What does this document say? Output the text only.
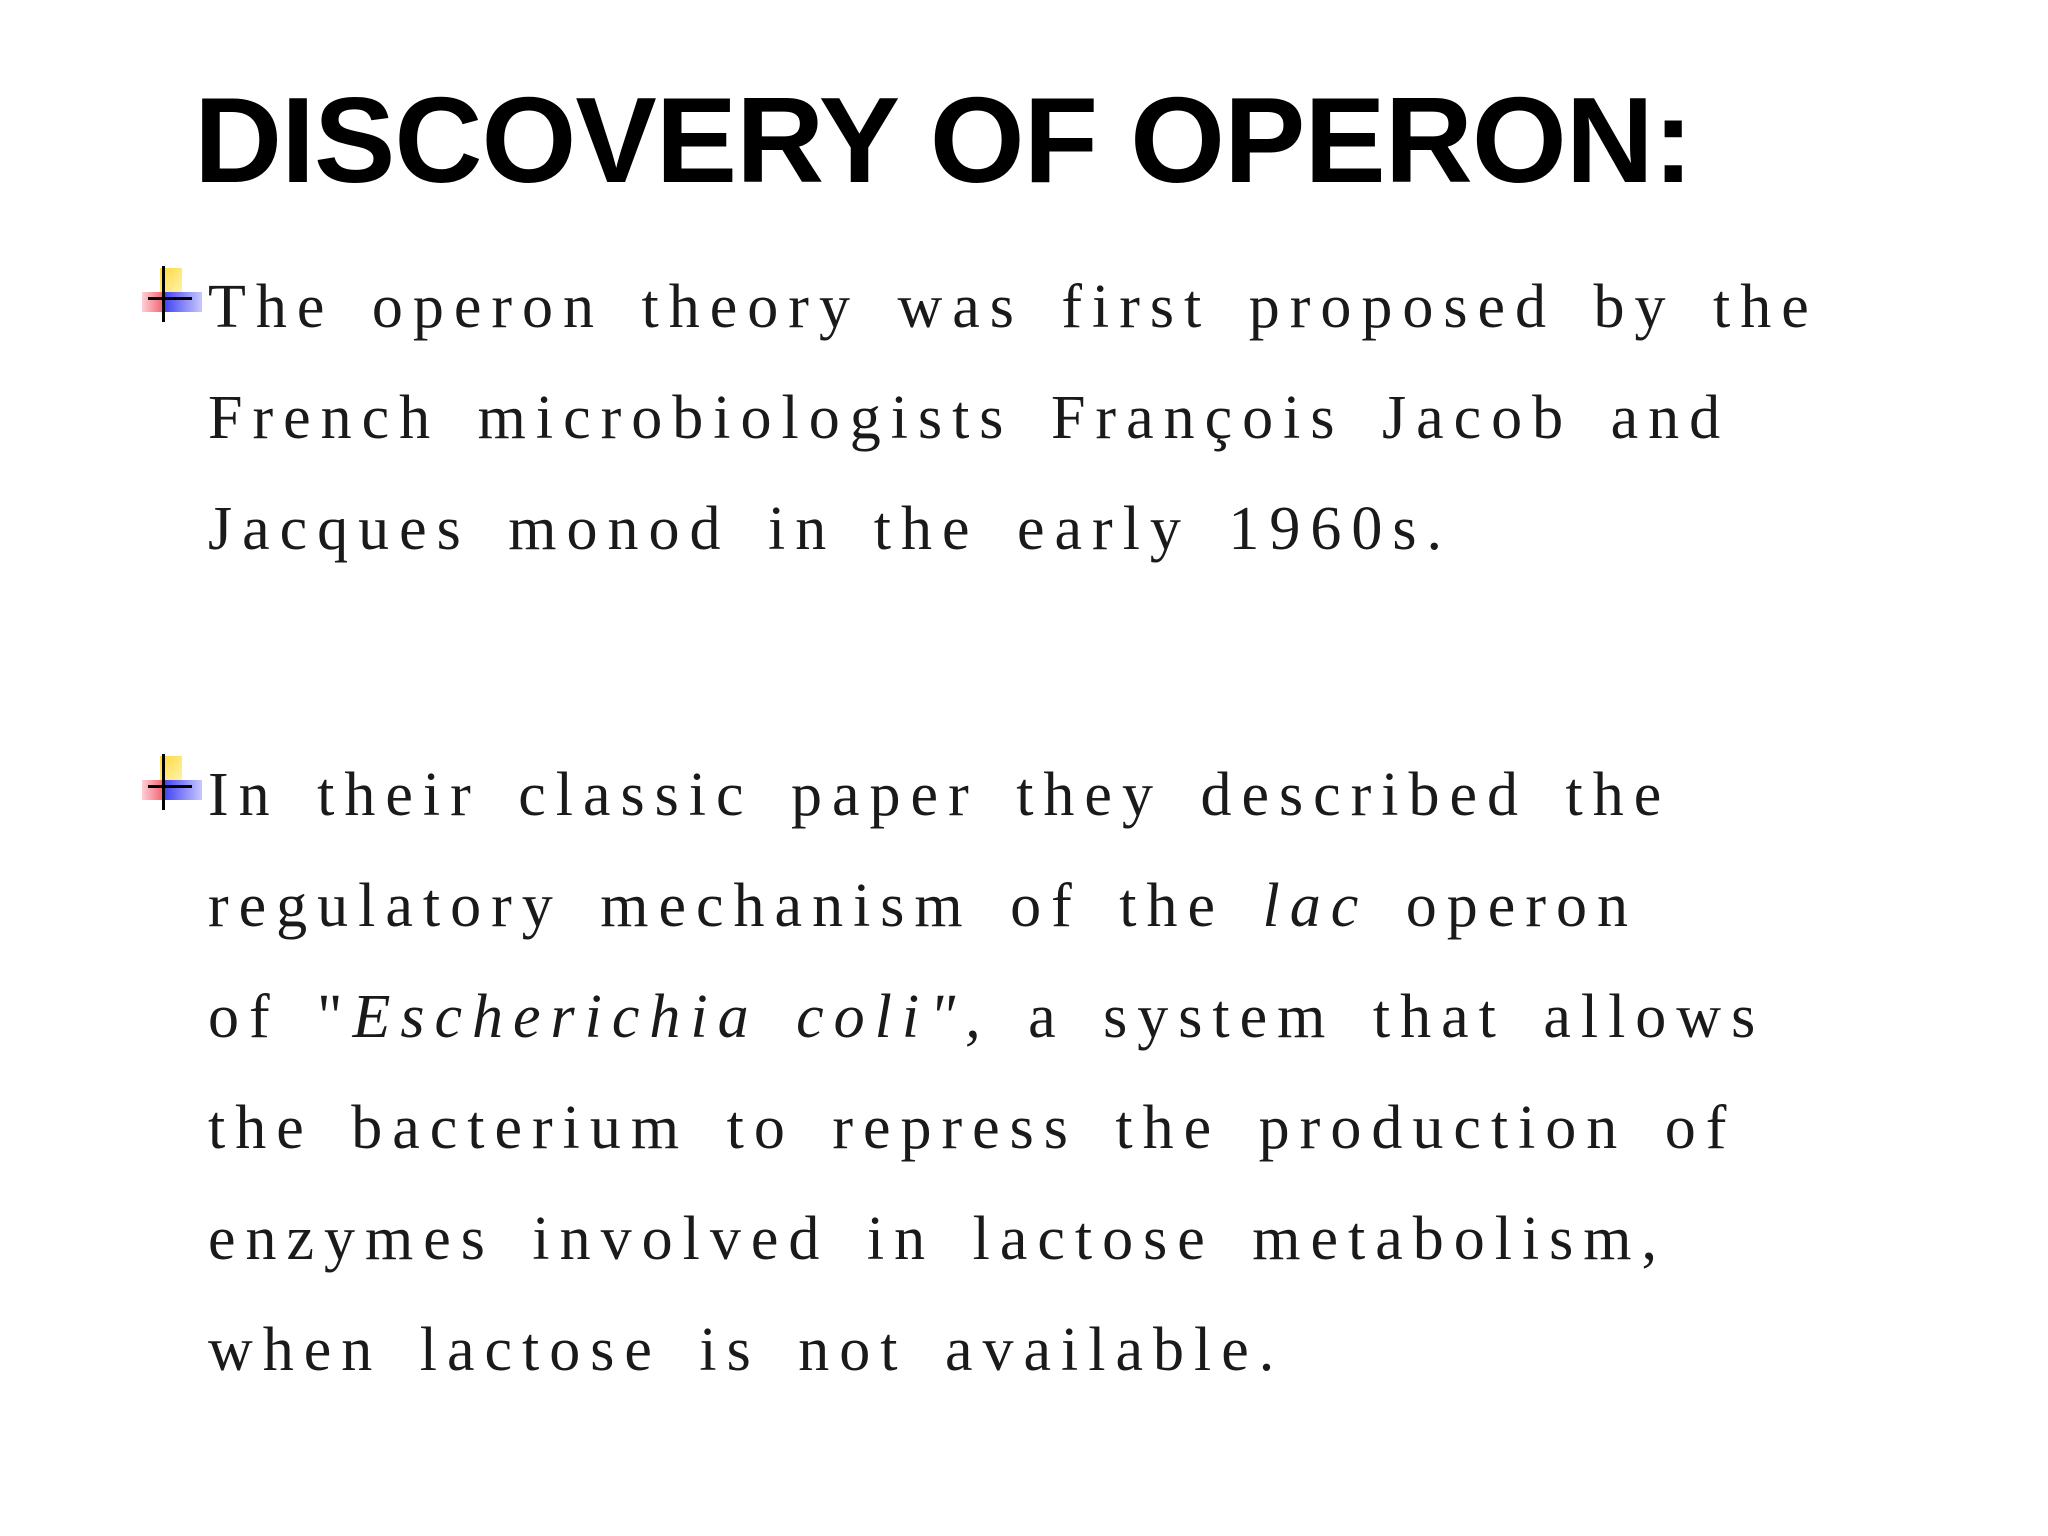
DISCOVERY OF OPERON:

The operon theory was first proposed by the
French microbiologists François Jacob and
Jacques monod in the early 1960s.

In their classic paper they described the
regulatory mechanism of the lac operon
of "Escherichia coli", a system that allows
the bacterium to repress the production of
enzymes involved in lactose metabolism,
when lactose is not available.
